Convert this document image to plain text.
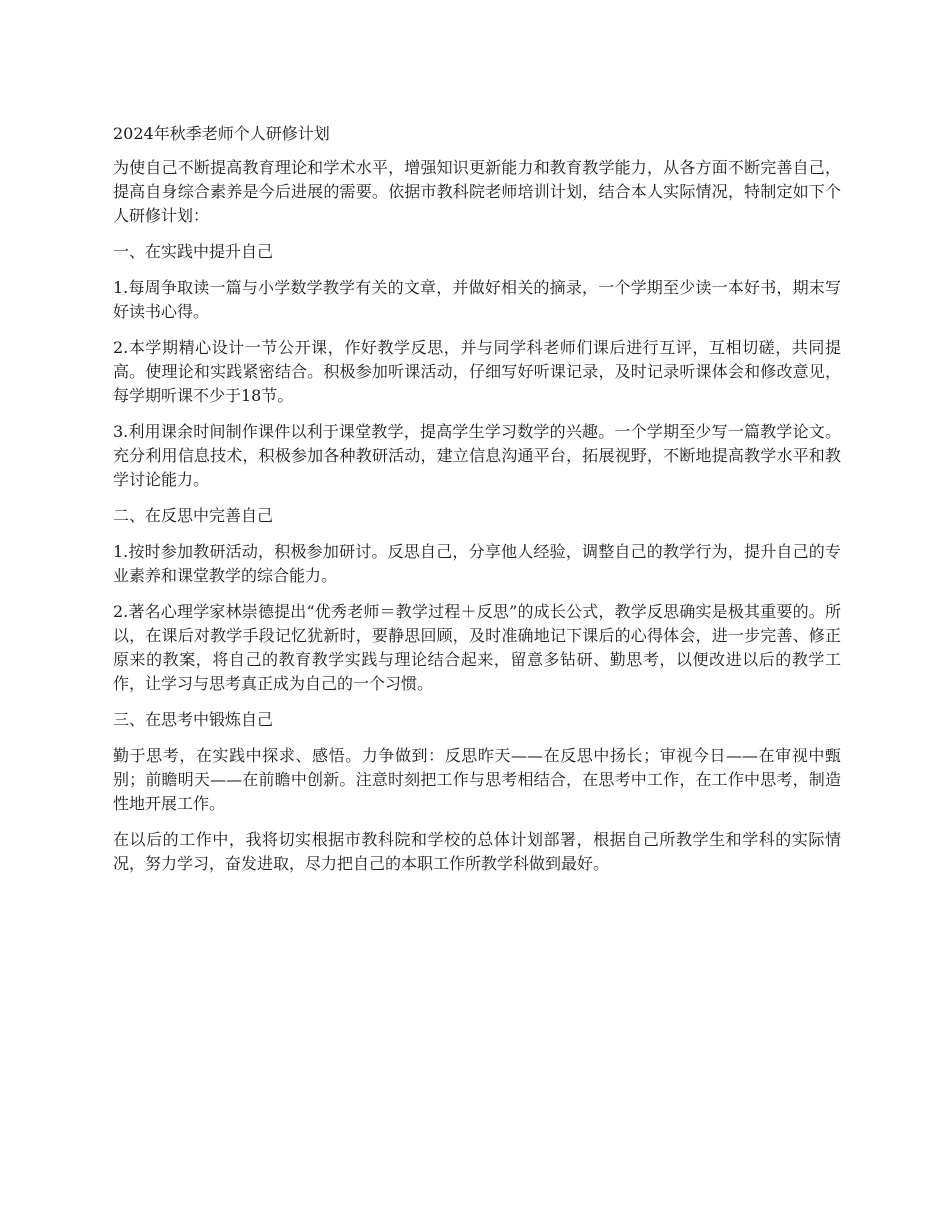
2024年秋季老师个人研修计划

为使自己不断提高教育理论和学术水平，增强知识更新能力和教育教学能力，从各方面不断完善自己，提高自身综合素养是今后进展的需要。依据市教科院老师培训计划，结合本人实际情况，特制定如下个人研修计划：

一、在实践中提升自己

1.每周争取读一篇与小学数学教学有关的文章，并做好相关的摘录，一个学期至少读一本好书，期末写好读书心得。

2.本学期精心设计一节公开课，作好教学反思，并与同学科老师们课后进行互评，互相切磋，共同提高。使理论和实践紧密结合。积极参加听课活动，仔细写好听课记录，及时记录听课体会和修改意见，每学期听课不少于18节。

3.利用课余时间制作课件以利于课堂教学，提高学生学习数学的兴趣。一个学期至少写一篇教学论文。充分利用信息技术，积极参加各种教研活动，建立信息沟通平台，拓展视野，不断地提高教学水平和教学讨论能力。

二、在反思中完善自己

1.按时参加教研活动，积极参加研讨。反思自己，分享他人经验，调整自己的教学行为，提升自己的专业素养和课堂教学的综合能力。

2.著名心理学家林崇德提出“优秀老师＝教学过程＋反思”的成长公式，教学反思确实是极其重要的。所以，在课后对教学手段记忆犹新时，要静思回顾，及时准确地记下课后的心得体会，进一步完善、修正原来的教案，将自己的教育教学实践与理论结合起来，留意多钻研、勤思考，以便改进以后的教学工作，让学习与思考真正成为自己的一个习惯。

三、在思考中锻炼自己

勤于思考，在实践中探求、感悟。力争做到：反思昨天——在反思中扬长；审视今日——在审视中甄别；前瞻明天——在前瞻中创新。注意时刻把工作与思考相结合，在思考中工作，在工作中思考，制造性地开展工作。

在以后的工作中，我将切实根据市教科院和学校的总体计划部署，根据自己所教学生和学科的实际情况，努力学习，奋发进取，尽力把自己的本职工作所教学科做到最好。
